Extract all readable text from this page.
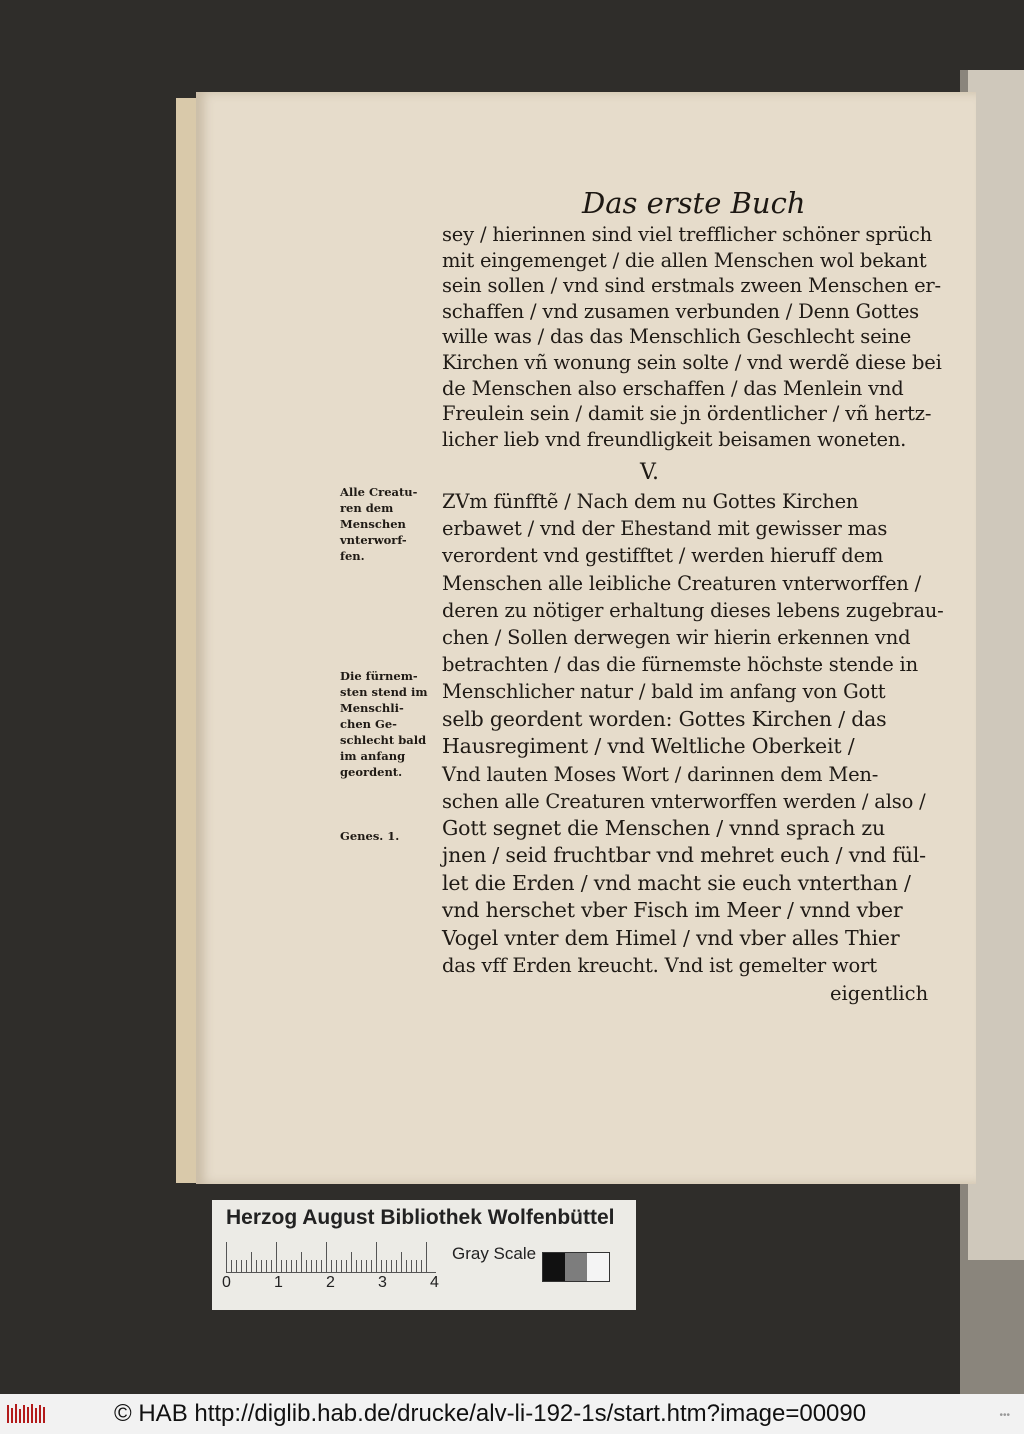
Das erste Buch
sey / hierinnen sind viel trefflicher schöner sprüch
mit eingemenget / die allen Menschen wol bekant
sein sollen / vnd sind erstmals zween Menschen er-
schaffen / vnd zusamen verbunden / Denn Gottes
wille was / das das Menschlich Geschlecht seine
Kirchen vñ wonung sein solte / vnd werdẽ diese bei
de Menschen also erschaffen / das Menlein vnd
Freulein sein / damit sie jn ördentlicher / vñ hertz-
licher lieb vnd freundligkeit beisamen woneten.
V.
ZVm fünfftẽ / Nach dem nu Gottes Kirchen
erbawet / vnd der Ehestand mit gewisser mas
verordent vnd gestifftet / werden hieruff dem
Menschen alle leibliche Creaturen vnterworffen /
deren zu nötiger erhaltung dieses lebens zugebrau-
chen / Sollen derwegen wir hierin erkennen vnd
betrachten / das die fürnemste höchste stende in
Menschlicher natur / bald im anfang von Gott
selb geordent worden: Gottes Kirchen / das
Hausregiment / vnd Weltliche Oberkeit /
Vnd lauten Moses Wort / darinnen dem Men-
schen alle Creaturen vnterworffen werden / also /
Gott segnet die Menschen / vnnd sprach zu
jnen / seid fruchtbar vnd mehret euch / vnd fül-
let die Erden / vnd macht sie euch vnterthan /
vnd herschet vber Fisch im Meer / vnnd vber
Vogel vnter dem Himel / vnd vber alles Thier
das vff Erden kreucht. Vnd ist gemelter wort
eigentlich
Alle Creatu-
ren dem
Menschen
vnterworf-
fen.
Die fürnem-
sten stend im
Menschli-
chen Ge-
schlecht bald
im anfang
geordent.
Genes. 1.
Herzog August Bibliothek Wolfenbüttel
0	1	2	3	4
Gray Scale
© HAB http://diglib.hab.de/drucke/alv-li-192-1s/start.htm?image=00090	•••
